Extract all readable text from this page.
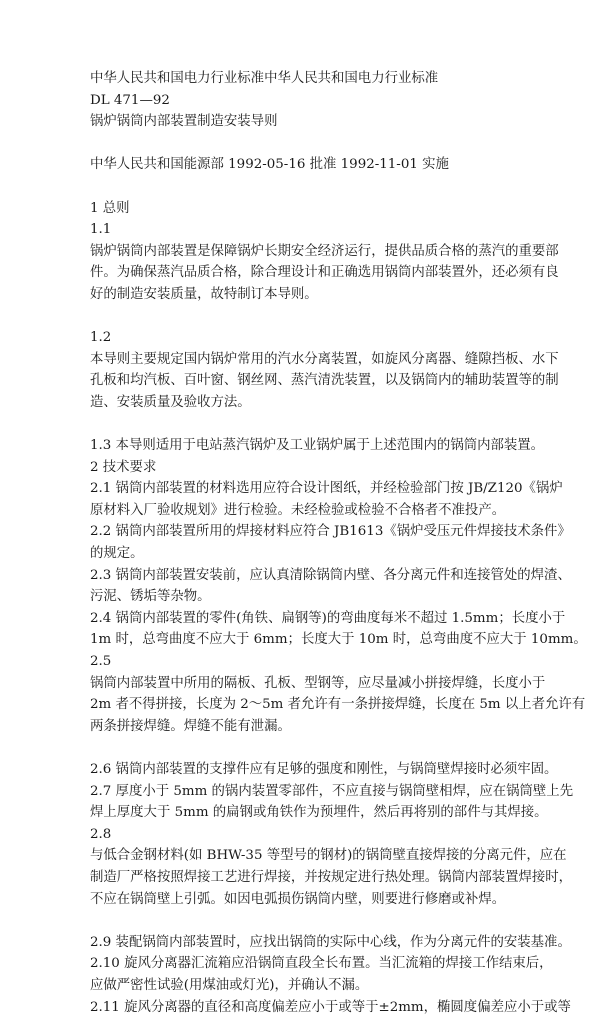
中华人民共和国电力行业标准中华人民共和国电力行业标准
DL 471—92
锅炉锅筒内部装置制造安装导则
中华人民共和国能源部 1992-05-16 批准 1992-11-01 实施
1 总则
1.1
锅炉锅筒内部装置是保障锅炉长期安全经济运行，提供品质合格的蒸汽的重要部
件。为确保蒸汽品质合格，除合理设计和正确选用锅筒内部装置外，还必须有良
好的制造安装质量，故特制订本导则。
1.2
本导则主要规定国内锅炉常用的汽水分离装置，如旋风分离器、缝隙挡板、水下
孔板和均汽板、百叶窗、钢丝网、蒸汽清洗装置，以及锅筒内的辅助装置等的制
造、安装质量及验收方法。
1.3 本导则适用于电站蒸汽锅炉及工业锅炉属于上述范围内的锅筒内部装置。
2 技术要求
2.1 锅筒内部装置的材料选用应符合设计图纸，并经检验部门按 JB/Z120《锅炉
原材料入厂验收规划》进行检验。未经检验或检验不合格者不准投产。
2.2 锅筒内部装置所用的焊接材料应符合 JB1613《锅炉受压元件焊接技术条件》
的规定。
2.3 锅筒内部装置安装前，应认真清除锅筒内壁、各分离元件和连接管处的焊渣、
污泥、锈垢等杂物。
2.4 锅筒内部装置的零件(角铁、扁钢等)的弯曲度每米不超过 1.5mm；长度小于
1m 时，总弯曲度不应大于 6mm；长度大于 10m 时，总弯曲度不应大于 10mm。
2.5
锅筒内部装置中所用的隔板、孔板、型钢等，应尽量减小拼接焊缝，长度小于
2m 者不得拼接，长度为 2～5m 者允许有一条拼接焊缝，长度在 5m 以上者允许有
两条拼接焊缝。焊缝不能有泄漏。
2.6 锅筒内部装置的支撑件应有足够的强度和刚性，与锅筒壁焊接时必须牢固。
2.7 厚度小于 5mm 的锅内装置零部件，不应直接与锅筒壁相焊，应在锅筒壁上先
焊上厚度大于 5mm 的扁钢或角铁作为预埋件，然后再将别的部件与其焊接。
2.8
与低合金钢材料(如 BHW-35 等型号的钢材)的锅筒壁直接焊接的分离元件，应在
制造厂严格按照焊接工艺进行焊接，并按规定进行热处理。锅筒内部装置焊接时，
不应在锅筒壁上引弧。如因电弧损伤锅筒内壁，则要进行修磨或补焊。
2.9 装配锅筒内部装置时，应找出锅筒的实际中心线，作为分离元件的安装基准。
2.10 旋风分离器汇流箱应沿锅筒直段全长布置。当汇流箱的焊接工作结束后，
应做严密性试验(用煤油或灯光)，并确认不漏。
2.11 旋风分离器的直径和高度偏差应小于或等于±2mm，椭圆度偏差应小于或等
